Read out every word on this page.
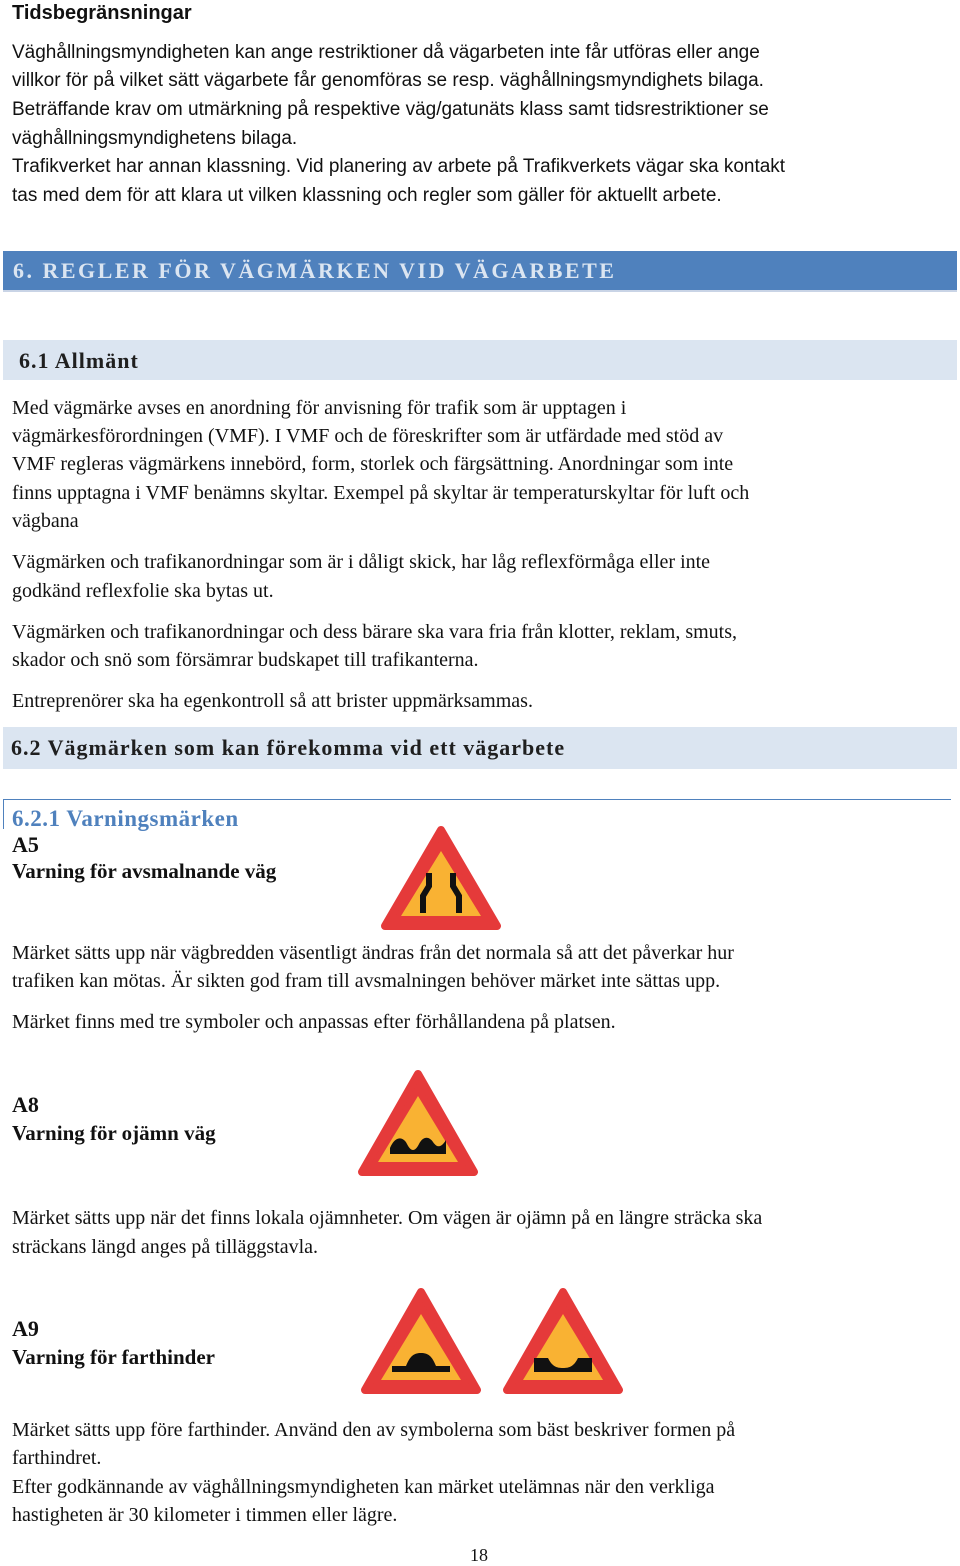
Tidsbegränsningar

Väghållningsmyndigheten kan ange restriktioner då vägarbeten inte får utföras eller ange

villkor för på vilket sätt vägarbete får genomföras se resp. väghållningsmyndighets bilaga.

Beträffande krav om utmärkning på respektive väg/gatunäts klass samt tidsrestriktioner se

väghållningsmyndighetens bilaga.

Trafikverket har annan klassning. Vid planering av arbete på Trafikverkets vägar ska kontakt

tas med dem för att klara ut vilken klassning och regler som gäller för aktuellt arbete.

6. REGLER FÖR VÄGMÄRKEN VID VÄGARBETE
6.1 Allmänt

Med vägmärke avses en anordning för anvisning för trafik som är upptagen i

vägmärkesförordningen (VMF). I VMF och de föreskrifter som är utfärdade med stöd av

VMF regleras vägmärkens innebörd, form, storlek och färgsättning. Anordningar som inte

finns upptagna i VMF benämns skyltar. Exempel på skyltar är temperaturskyltar för luft och

vägbana

Vägmärken och trafikanordningar som är i dåligt skick, har låg reflexförmåga eller inte

godkänd reflexfolie ska bytas ut.

Vägmärken och trafikanordningar och dess bärare ska vara fria från klotter, reklam, smuts,

skador och snö som försämrar budskapet till trafikanterna.

Entreprenörer ska ha egenkontroll så att brister uppmärksammas.

6.2 Vägmärken som kan förekomma vid ett vägarbete
6.2.1 Varningsmärken
A5
Varning för avsmalnande väg

Märket sätts upp när vägbredden väsentligt ändras från det normala så att det påverkar hur

trafiken kan mötas. Är sikten god fram till avsmalningen behöver märket inte sättas upp.

Märket finns med tre symboler och anpassas efter förhållandena på platsen.

A8
Varning för ojämn väg

Märket sätts upp när det finns lokala ojämnheter. Om vägen är ojämn på en längre sträcka ska

sträckans längd anges på tilläggstavla.

A9
Varning för farthinder

Märket sätts upp före farthinder. Använd den av symbolerna som bäst beskriver formen på

farthindret.

Efter godkännande av väghållningsmyndigheten kan märket utelämnas när den verkliga

hastigheten är 30 kilometer i timmen eller lägre.

18
